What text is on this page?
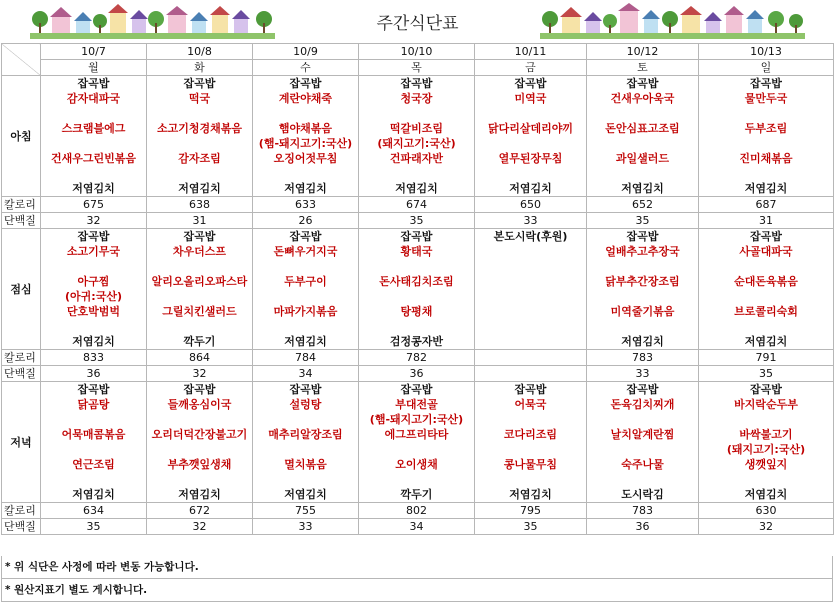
주간식단표
	10/7	10/8	10/9	10/10	10/11	10/12	10/13
	월	화	수	목	금	토	일
아침	잡곡밥	잡곡밥	잡곡밥	잡곡밥	잡곡밥	잡곡밥	잡곡밥
	감자대파국	떡국	계란야채죽	청국장	미역국	건새우아욱국	물만두국

	스크램블에그	소고기청경채볶음	햄야채볶음	떡갈비조림	닭다리살데리야끼	돈안심표고조림	두부조림
			(햄-돼지고기:국산)	(돼지고기:국산)			
	건새우그린빈볶음	감자조림	오징어젓무침	건파래자반	열무된장무침	과일샐러드	진미채볶음

	저염김치	저염김치	저염김치	저염김치	저염김치	저염김치	저염김치
칼로리	675	638	633	674	650	652	687
단백질	32	31	26	35	33	35	31
점심	잡곡밥	잡곡밥	잡곡밥	잡곡밥	본도시락(후원)	잡곡밥	잡곡밥
	소고기무국	차우더스프	돈뼈우거지국	황태국		얼배추고추장국	사골대파국

	아구찜	알리오올리오파스타	두부구이	돈사태김치조림		닭부추간장조림	순대돈육볶음
	(아귀:국산)						
	단호박범벅	그릴치킨샐러드	마파가지볶음	탕평채		미역줄기볶음	브로콜리숙회

	저염김치	깍두기	저염김치	검정콩자반		저염김치	저염김치
칼로리	833	864	784	782		783	791
단백질	36	32	34	36		33	35
저녁	잡곡밥	잡곡밥	잡곡밥	잡곡밥	잡곡밥	잡곡밥	잡곡밥
	닭곰탕	들깨옹심이국	설렁탕	부대전골	어묵국	돈육김치찌개	바지락순두부
				(햄-돼지고기:국산)			
	어묵매콤볶음	오리더덕간장불고기	매추리알장조림	에그프리타타	코다리조림	날치알계란찜	바싹불고기
							(돼지고기:국산)
	연근조림	부추깻잎생채	멸치볶음	오이생채	콩나물무침	숙주나물	생깻잎지

	저염김치	저염김치	저염김치	깍두기	저염김치	도시락김	저염김치
칼로리	634	672	755	802	795	783	630
단백질	35	32	33	34	35	36	32
* 위 식단은 사정에 따라 변동 가능합니다.
* 원산지표기 별도 게시합니다.
